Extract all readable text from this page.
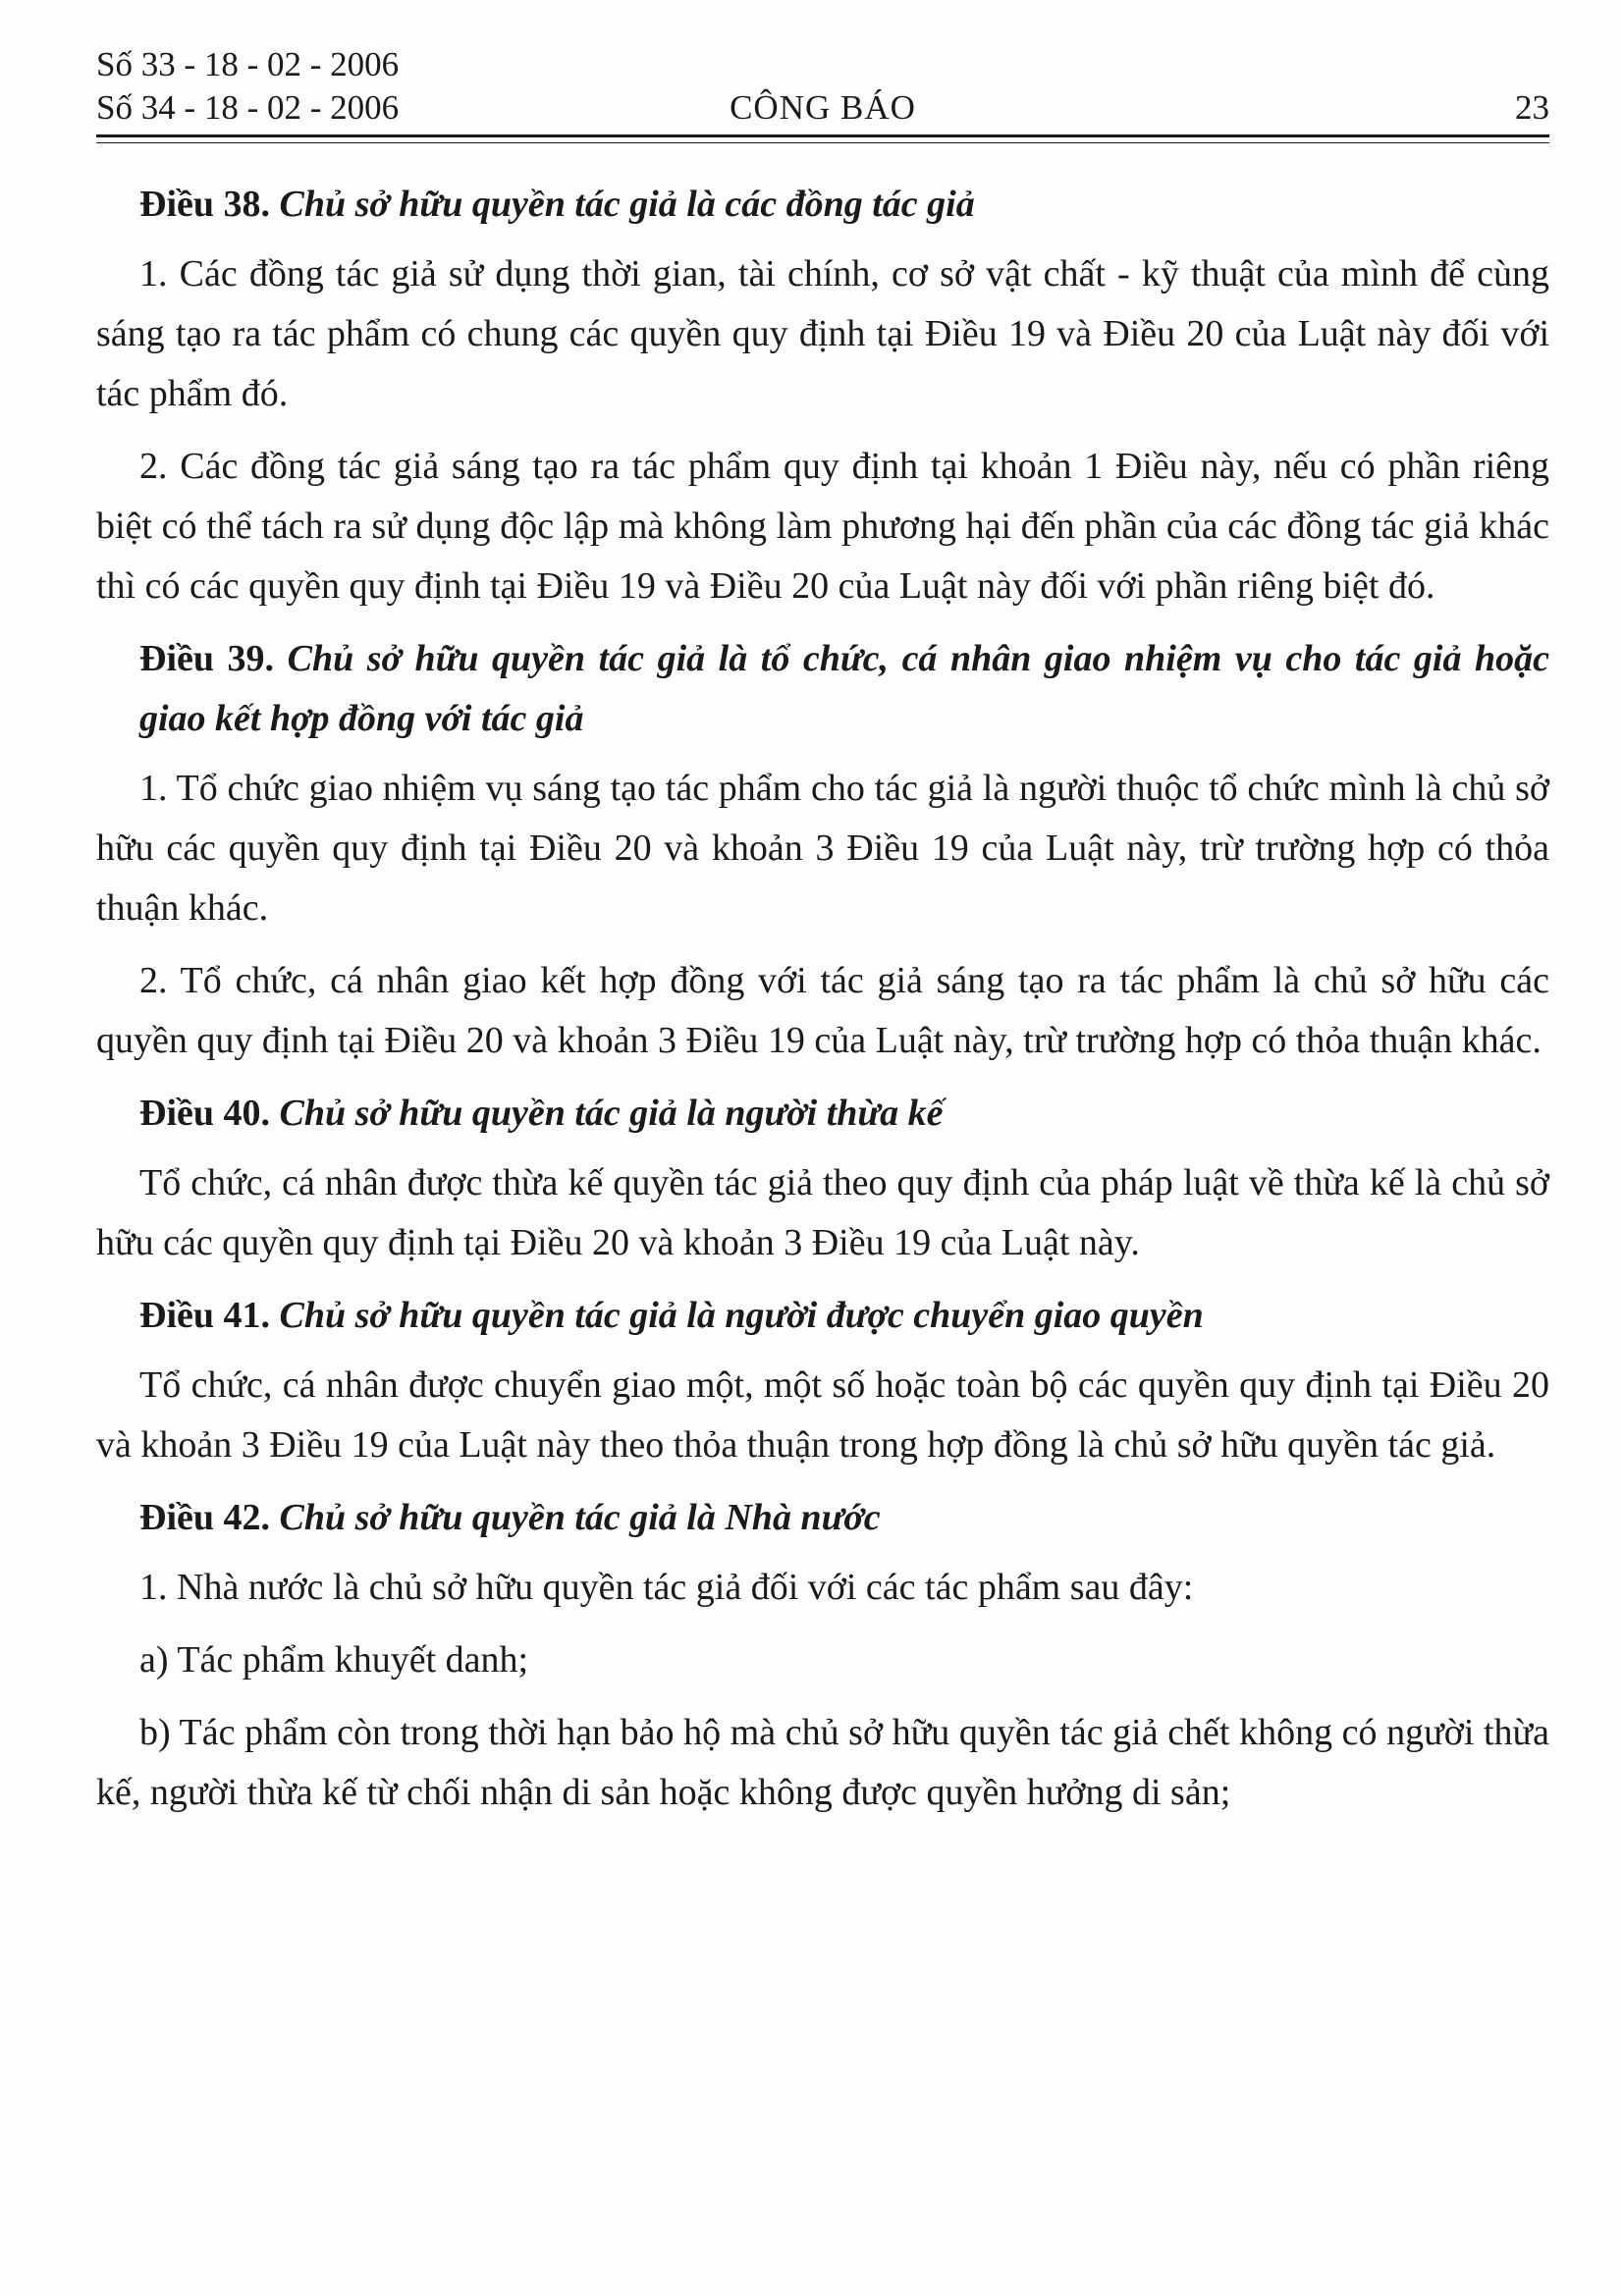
Số 33 - 18 - 02 - 2006
Số 34 - 18 - 02 - 2006	CÔNG BÁO	23
Điều 38. Chủ sở hữu quyền tác giả là các đồng tác giả

1. Các đồng tác giả sử dụng thời gian, tài chính, cơ sở vật chất - kỹ thuật của mình để cùng sáng tạo ra tác phẩm có chung các quyền quy định tại Điều 19 và Điều 20 của Luật này đối với tác phẩm đó.

2. Các đồng tác giả sáng tạo ra tác phẩm quy định tại khoản 1 Điều này, nếu có phần riêng biệt có thể tách ra sử dụng độc lập mà không làm phương hại đến phần của các đồng tác giả khác thì có các quyền quy định tại Điều 19 và Điều 20 của Luật này đối với phần riêng biệt đó.

Điều 39. Chủ sở hữu quyền tác giả là tổ chức, cá nhân giao nhiệm vụ cho tác giả hoặc giao kết hợp đồng với tác giả

1. Tổ chức giao nhiệm vụ sáng tạo tác phẩm cho tác giả là người thuộc tổ chức mình là chủ sở hữu các quyền quy định tại Điều 20 và khoản 3 Điều 19 của Luật này, trừ trường hợp có thỏa thuận khác.

2. Tổ chức, cá nhân giao kết hợp đồng với tác giả sáng tạo ra tác phẩm là chủ sở hữu các quyền quy định tại Điều 20 và khoản 3 Điều 19 của Luật này, trừ trường hợp có thỏa thuận khác.

Điều 40. Chủ sở hữu quyền tác giả là người thừa kế

Tổ chức, cá nhân được thừa kế quyền tác giả theo quy định của pháp luật về thừa kế là chủ sở hữu các quyền quy định tại Điều 20 và khoản 3 Điều 19 của Luật này.

Điều 41. Chủ sở hữu quyền tác giả là người được chuyển giao quyền

Tổ chức, cá nhân được chuyển giao một, một số hoặc toàn bộ các quyền quy định tại Điều 20 và khoản 3 Điều 19 của Luật này theo thỏa thuận trong hợp đồng là chủ sở hữu quyền tác giả.

Điều 42. Chủ sở hữu quyền tác giả là Nhà nước

1. Nhà nước là chủ sở hữu quyền tác giả đối với các tác phẩm sau đây:

a) Tác phẩm khuyết danh;

b) Tác phẩm còn trong thời hạn bảo hộ mà chủ sở hữu quyền tác giả chết không có người thừa kế, người thừa kế từ chối nhận di sản hoặc không được quyền hưởng di sản;
